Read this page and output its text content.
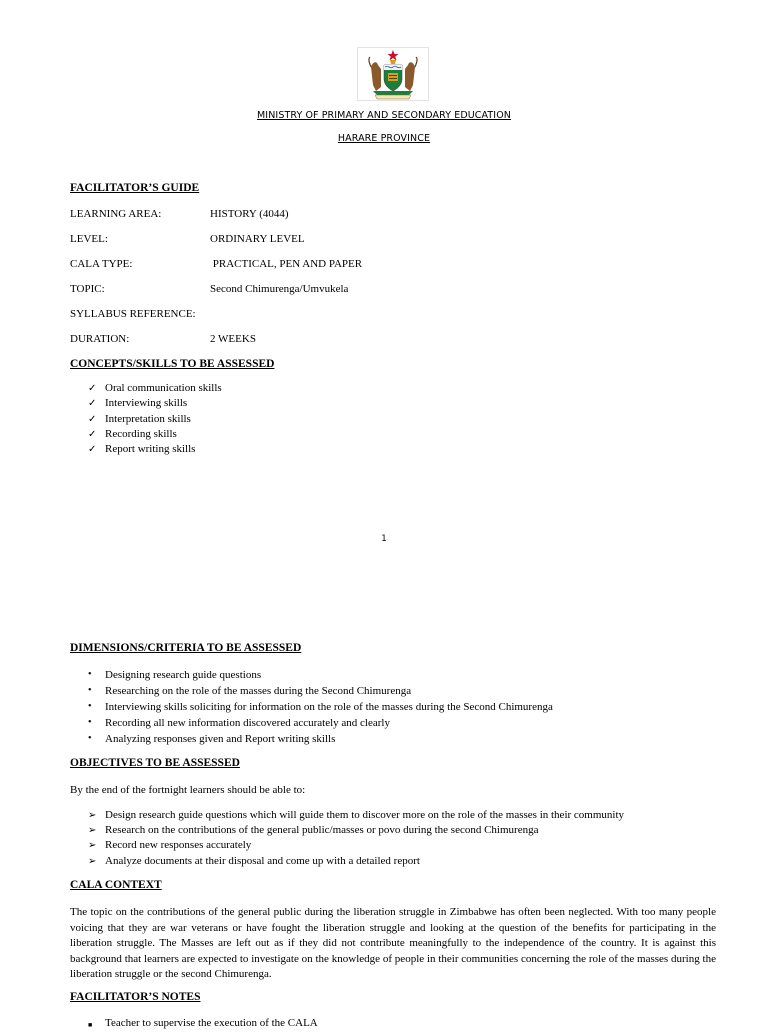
MINISTRY OF PRIMARY AND SECONDARY EDUCATION
HARARE PROVINCE
FACILITATOR’S GUIDE
LEARNING AREA:	HISTORY (4044)
LEVEL:	ORDINARY LEVEL
CALA TYPE:	PRACTICAL, PEN AND PAPER
TOPIC:	Second Chimurenga/Umvukela
SYLLABUS REFERENCE:
DURATION:	2 WEEKS
CONCEPTS/SKILLS TO BE ASSESSED
✓ Oral communication skills
✓ Interviewing skills
✓ Interpretation skills
✓ Recording skills
✓ Report writing skills
1
DIMENSIONS/CRITERIA TO BE ASSESSED
• Designing research guide questions
• Researching on the role of the masses during the Second Chimurenga
• Interviewing skills soliciting for information on the role of the masses during the Second Chimurenga
• Recording all new information discovered accurately and clearly
• Analyzing responses given and Report writing skills
OBJECTIVES TO BE ASSESSED
By the end of the fortnight learners should be able to:
➢ Design research guide questions which will guide them to discover more on the role of the masses in their community
➢ Research on the contributions of the general public/masses or povo during the second Chimurenga
➢ Record new responses accurately
➢ Analyze documents at their disposal and come up with a detailed report
CALA CONTEXT
The topic on the contributions of the general public during the liberation struggle in Zimbabwe has often been neglected. With too many people voicing that they are war veterans or have fought the liberation struggle and looking at the question of the benefits for participating in the liberation struggle. The Masses are left out as if they did not contribute meaningfully to the independence of the country. It is against this background that learners are expected to investigate on the knowledge of people in their communities concerning the role of the masses during the liberation struggle or the second Chimurenga.
FACILITATOR’S NOTES
■ Teacher to supervise the execution of the CALA
